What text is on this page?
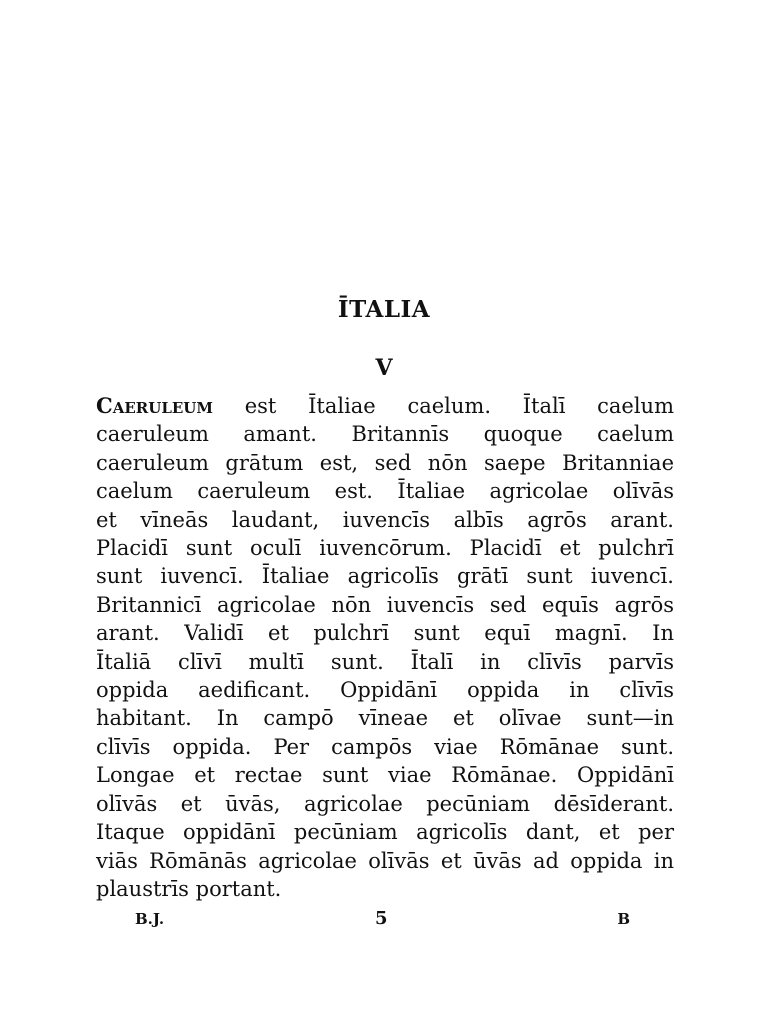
ĪTALIA
V
Caeruleum est Ītaliae caelum. Ītalī caelum
caeruleum amant. Britannīs quoque caelum
caeruleum grātum est, sed nōn saepe Britanniae
caelum caeruleum est. Ītaliae agricolae olīvās
et vīneās laudant, iuvencīs albīs agrōs arant.
Placidī sunt oculī iuvencōrum. Placidī et pulchrī
sunt iuvencī. Ītaliae agricolīs grātī sunt iuvencī.
Britannicī agricolae nōn iuvencīs sed equīs agrōs
arant. Validī et pulchrī sunt equī magnī. In
Ītaliā clīvī multī sunt. Ītalī in clīvīs parvīs
oppida aedificant. Oppidānī oppida in clīvīs
habitant. In campō vīneae et olīvae sunt—in
clīvīs oppida. Per campōs viae Rōmānae sunt.
Longae et rectae sunt viae Rōmānae. Oppidānī
olīvās et ūvās, agricolae pecūniam dēsīderant.
Itaque oppidānī pecūniam agricolīs dant, et per
viās Rōmānās agricolae olīvās et ūvās ad oppida in
plaustrīs portant.
B.J.	5	B
